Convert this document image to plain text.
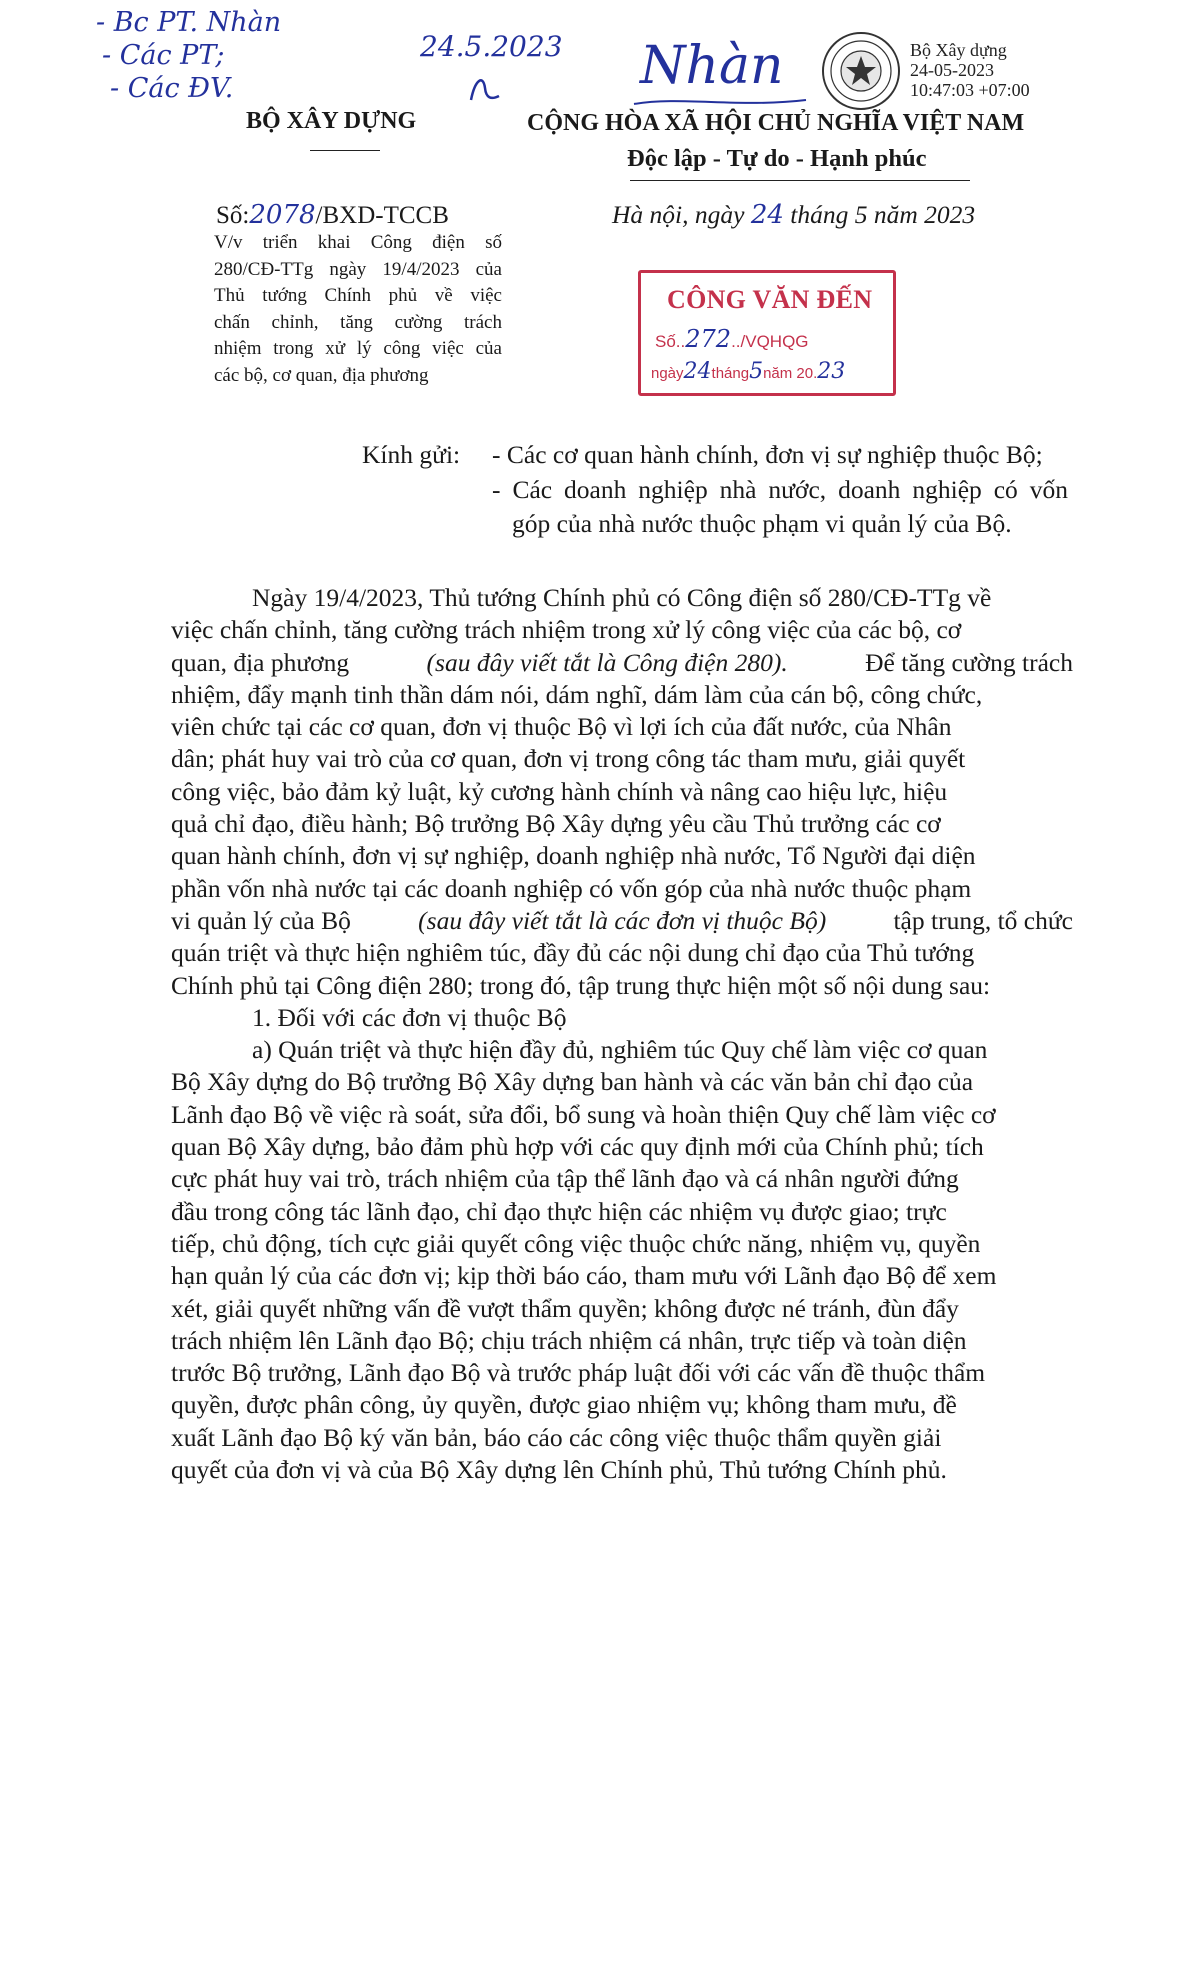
- Bc PT. Nhàn
- Các PT;
- Các ĐV.
24.5.2023 Nhàn	Bộ Xây dựng
24-05-2023
10:47:03 +07:00
BỘ XÂY DỰNG	CỘNG HÒA XÃ HỘI CHỦ NGHĨA VIỆT NAM
Độc lập - Tự do - Hạnh phúc
Số:2078/BXD-TCCB	Hà nội, ngày 24 tháng 5 năm 2023
V/v triển khai Công điện số
280/CĐ-TTg ngày 19/4/2023 của
Thủ tướng Chính phủ về việc
chấn chỉnh, tăng cường trách
nhiệm trong xử lý công việc của
các bộ, cơ quan, địa phương
CÔNG VĂN ĐẾN
Số..272../VQHQG
ngày24tháng5năm 20.23
Kính gửi: - Các cơ quan hành chính, đơn vị sự nghiệp thuộc Bộ;
- Các doanh nghiệp nhà nước, doanh nghiệp có vốn
góp của nhà nước thuộc phạm vi quản lý của Bộ.
Ngày 19/4/2023, Thủ tướng Chính phủ có Công điện số 280/CĐ-TTg về
việc chấn chỉnh, tăng cường trách nhiệm trong xử lý công việc của các bộ, cơ
quan, địa phương	(sau đây viết tắt là Công điện 280).	Để tăng cường trách
nhiệm, đẩy mạnh tinh thần dám nói, dám nghĩ, dám làm của cán bộ, công chức,
viên chức tại các cơ quan, đơn vị thuộc Bộ vì lợi ích của đất nước, của Nhân
dân; phát huy vai trò của cơ quan, đơn vị trong công tác tham mưu, giải quyết
công việc, bảo đảm kỷ luật, kỷ cương hành chính và nâng cao hiệu lực, hiệu
quả chỉ đạo, điều hành; Bộ trưởng Bộ Xây dựng yêu cầu Thủ trưởng các cơ
quan hành chính, đơn vị sự nghiệp, doanh nghiệp nhà nước, Tổ Người đại diện
phần vốn nhà nước tại các doanh nghiệp có vốn góp của nhà nước thuộc phạm
vi quản lý của Bộ	(sau đây viết tắt là các đơn vị thuộc Bộ)	tập trung, tổ chức
quán triệt và thực hiện nghiêm túc, đầy đủ các nội dung chỉ đạo của Thủ tướng
Chính phủ tại Công điện 280; trong đó, tập trung thực hiện một số nội dung sau:
1. Đối với các đơn vị thuộc Bộ
a) Quán triệt và thực hiện đầy đủ, nghiêm túc Quy chế làm việc cơ quan
Bộ Xây dựng do Bộ trưởng Bộ Xây dựng ban hành và các văn bản chỉ đạo của
Lãnh đạo Bộ về việc rà soát, sửa đổi, bổ sung và hoàn thiện Quy chế làm việc cơ
quan Bộ Xây dựng, bảo đảm phù hợp với các quy định mới của Chính phủ; tích
cực phát huy vai trò, trách nhiệm của tập thể lãnh đạo và cá nhân người đứng
đầu trong công tác lãnh đạo, chỉ đạo thực hiện các nhiệm vụ được giao; trực
tiếp, chủ động, tích cực giải quyết công việc thuộc chức năng, nhiệm vụ, quyền
hạn quản lý của các đơn vị; kịp thời báo cáo, tham mưu với Lãnh đạo Bộ để xem
xét, giải quyết những vấn đề vượt thẩm quyền; không được né tránh, đùn đẩy
trách nhiệm lên Lãnh đạo Bộ; chịu trách nhiệm cá nhân, trực tiếp và toàn diện
trước Bộ trưởng, Lãnh đạo Bộ và trước pháp luật đối với các vấn đề thuộc thẩm
quyền, được phân công, ủy quyền, được giao nhiệm vụ; không tham mưu, đề
xuất Lãnh đạo Bộ ký văn bản, báo cáo các công việc thuộc thẩm quyền giải
quyết của đơn vị và của Bộ Xây dựng lên Chính phủ, Thủ tướng Chính phủ.
